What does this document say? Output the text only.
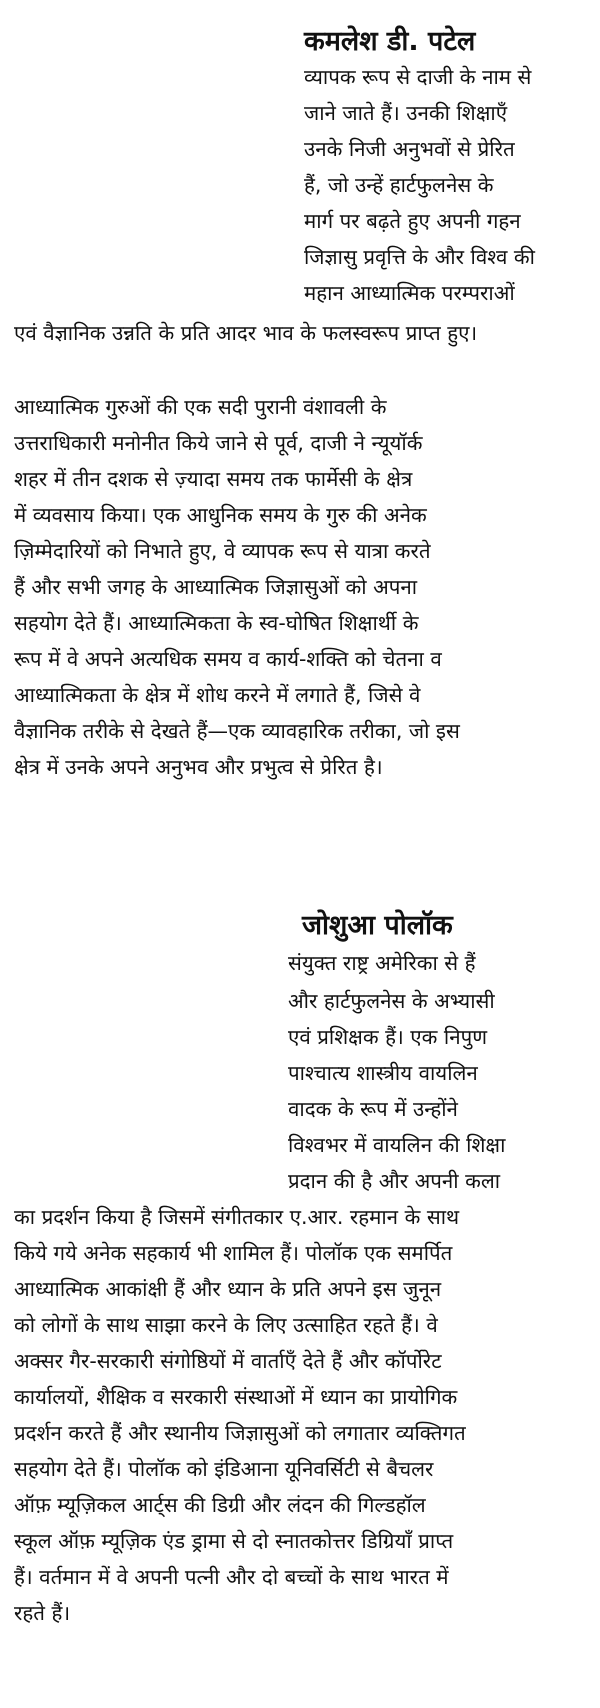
कमलेश डी. पटेल

व्यापक रूप से दाजी के नाम से

जाने जाते हैं। उनकी शिक्षाएँ

उनके निजी अनुभवों से प्रेरित

हैं, जो उन्हें हार्टफुलनेस के

मार्ग पर बढ़ते हुए अपनी गहन

जिज्ञासु प्रवृत्ति के और विश्व की

महान आध्यात्मिक परम्पराओं

एवं वैज्ञानिक उन्नति के प्रति आदर भाव के फलस्वरूप प्राप्त हुए।

आध्यात्मिक गुरुओं की एक सदी पुरानी वंशावली के

उत्तराधिकारी मनोनीत किये जाने से पूर्व, दाजी ने न्यूयॉर्क

शहर में तीन दशक से ज़्यादा समय तक फार्मेसी के क्षेत्र

में व्यवसाय किया। एक आधुनिक समय के गुरु की अनेक

ज़िम्मेदारियों को निभाते हुए, वे व्यापक रूप से यात्रा करते

हैं और सभी जगह के आध्यात्मिक जिज्ञासुओं को अपना

सहयोग देते हैं। आध्यात्मिकता के स्व-घोषित शिक्षार्थी के

रूप में वे अपने अत्यधिक समय व कार्य-शक्ति को चेतना व

आध्यात्मिकता के क्षेत्र में शोध करने में लगाते हैं, जिसे वे

वैज्ञानिक तरीके से देखते हैं—एक व्यावहारिक तरीका, जो इस

क्षेत्र में उनके अपने अनुभव और प्रभुत्व से प्रेरित है।

जोशुआ पोलॉक

संयुक्त राष्ट्र अमेरिका से हैं

और हार्टफुलनेस के अभ्यासी

एवं प्रशिक्षक हैं। एक निपुण

पाश्चात्य शास्त्रीय वायलिन

वादक के रूप में उन्होंने

विश्वभर में वायलिन की शिक्षा

प्रदान की है और अपनी कला

का प्रदर्शन किया है जिसमें संगीतकार ए.आर. रहमान के साथ

किये गये अनेक सहकार्य भी शामिल हैं। पोलॉक एक समर्पित

आध्यात्मिक आकांक्षी हैं और ध्यान के प्रति अपने इस जुनून

को लोगों के साथ साझा करने के लिए उत्साहित रहते हैं। वे

अक्सर गैर-सरकारी संगोष्ठियों में वार्ताएँ देते हैं और कॉर्पोरेट

कार्यालयों, शैक्षिक व सरकारी संस्थाओं में ध्यान का प्रायोगिक

प्रदर्शन करते हैं और स्थानीय जिज्ञासुओं को लगातार व्यक्तिगत

सहयोग देते हैं। पोलॉक को इंडिआना यूनिवर्सिटी से बैचलर

ऑफ़ म्यूज़िकल आर्ट्स की डिग्री और लंदन की गिल्डहॉल

स्कूल ऑफ़ म्यूज़िक एंड ड्रामा से दो स्नातकोत्तर डिग्रियाँ प्राप्त

हैं। वर्तमान में वे अपनी पत्नी और दो बच्चों के साथ भारत में

रहते हैं।
